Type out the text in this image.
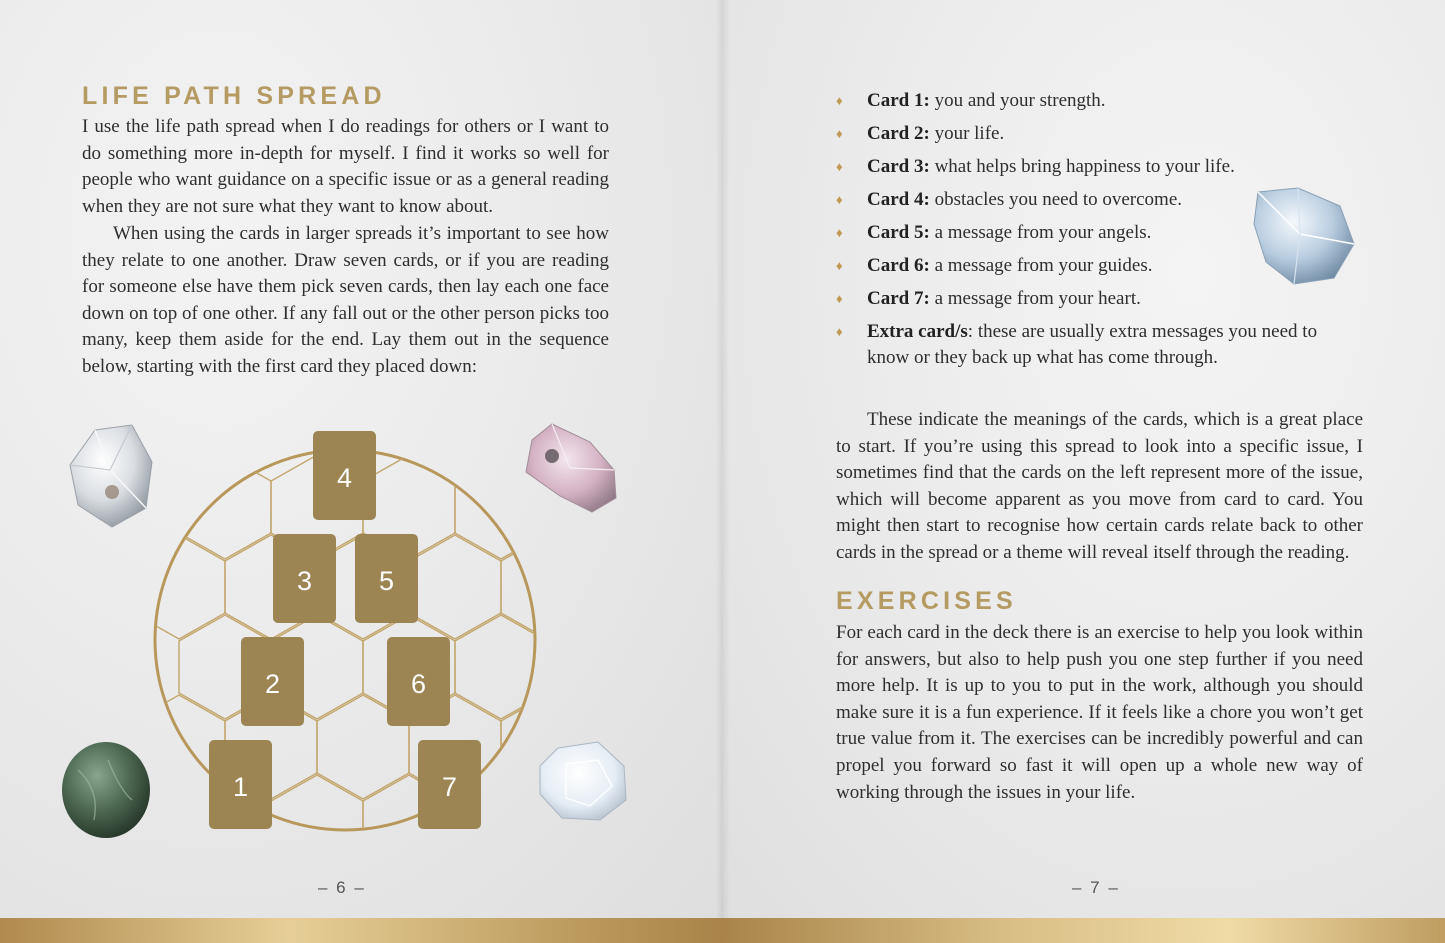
LIFE PATH SPREAD

I use the life path spread when I do readings for others or I want to do something more in-depth for myself. I find it works so well for people who want guidance on a specific issue or as a general reading when they are not sure what they want to know about.

When using the cards in larger spreads it’s important to see how they relate to one another. Draw seven cards, or if you are reading for someone else have them pick seven cards, then lay each one face down on top of one other. If any fall out or the other person picks too many, keep them aside for the end. Lay them out in the sequence below, starting with the first card they placed down:

4
3 5
2	6
1	7
– 6 –
♦ Card 1: you and your strength.
♦ Card 2: your life.
♦ Card 3: what helps bring happiness to your life.
♦ Card 4: obstacles you need to overcome.
♦ Card 5: a message from your angels.
♦ Card 6: a message from your guides.
♦ Card 7: a message from your heart.
♦ Extra card/s: these are usually extra messages you need to know or they back up what has come through.

These indicate the meanings of the cards, which is a great place to start. If you’re using this spread to look into a specific issue, I sometimes find that the cards on the left represent more of the issue, which will become apparent as you move from card to card. You might then start to recognise how certain cards relate back to other cards in the spread or a theme will reveal itself through the reading.

EXERCISES

For each card in the deck there is an exercise to help you look within for answers, but also to help push you one step further if you need more help. It is up to you to put in the work, although you should make sure it is a fun experience. If it feels like a chore you won’t get true value from it. The exercises can be incredibly powerful and can propel you forward so fast it will open up a whole new way of working through the issues in your life.

– 7 –
